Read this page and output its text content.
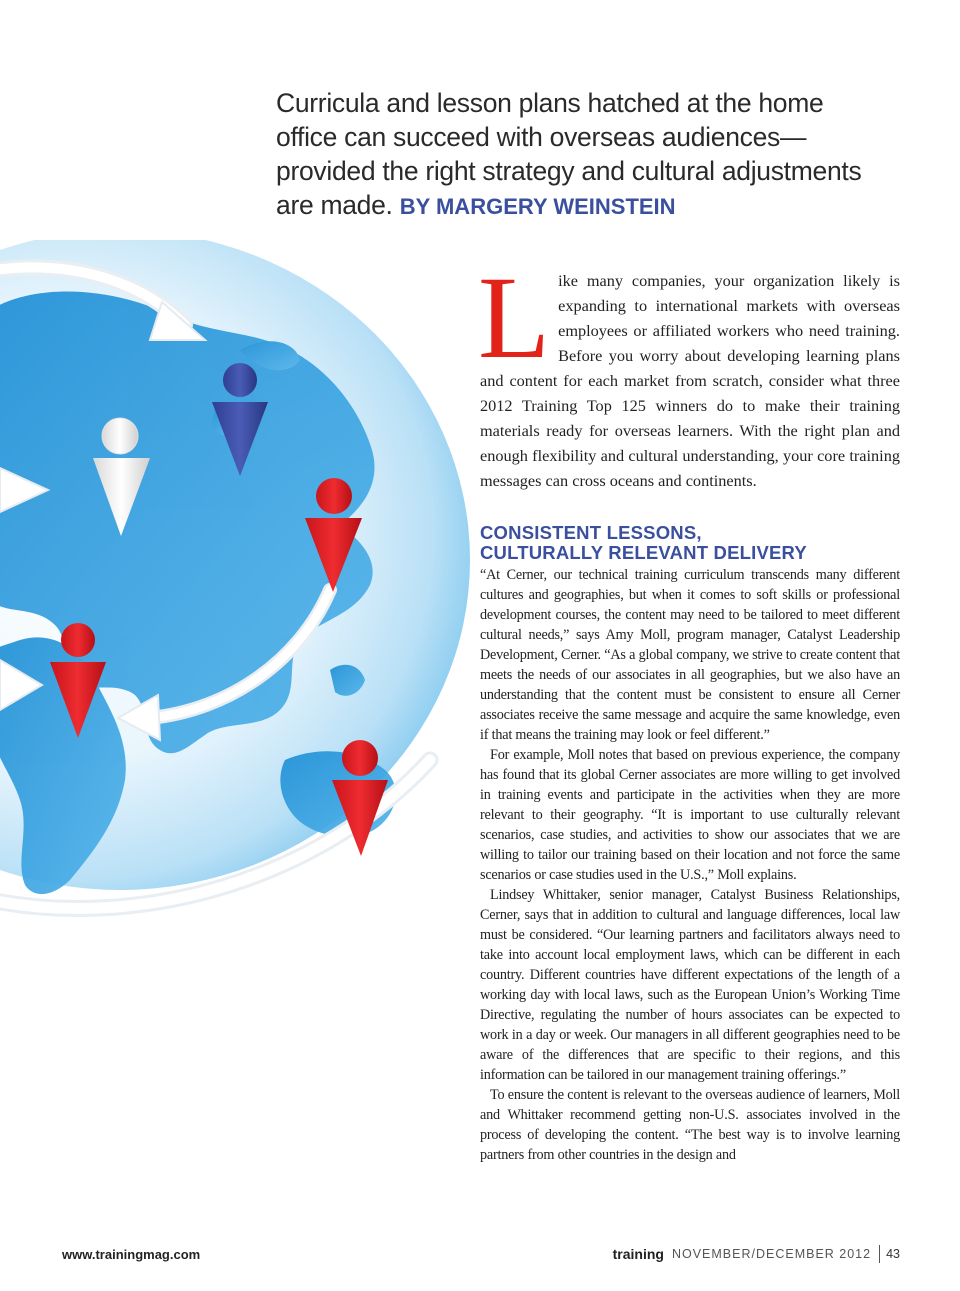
Curricula and lesson plans hatched at the home
office can succeed with overseas audiences—
provided the right strategy and cultural adjustments
are made. BY MARGERY WEINSTEIN
Like many companies, your organization likely is expanding to international markets with overseas employees or affiliated workers who need training. Before you worry about developing learning plans and content for each market from scratch, consider what three 2012 Training Top 125 winners do to make their training materials ready for overseas learners. With the right plan and enough flexibility and cultural understanding, your core training messages can cross oceans and continents.
CONSISTENT LESSONS,
CULTURALLY RELEVANT DELIVERY

“At Cerner, our technical training curriculum transcends many different cultures and geographies, but when it comes to soft skills or professional development courses, the content may need to be tailored to meet different cultural needs,” says Amy Moll, program manager, Catalyst Leadership Development, Cerner. “As a global company, we strive to create content that meets the needs of our associates in all geographies, but we also have an understanding that the content must be consistent to ensure all Cerner associates receive the same message and acquire the same knowledge, even if that means the training may look or feel different.”

For example, Moll notes that based on previous experience, the company has found that its global Cerner associates are more willing to get involved in training events and participate in the activities when they are more relevant to their geography. “It is important to use culturally relevant scenarios, case studies, and activities to show our associates that we are willing to tailor our training based on their location and not force the same scenarios or case studies used in the U.S.,” Moll explains.

Lindsey Whittaker, senior manager, Catalyst Business Relationships, Cerner, says that in addition to cultural and language differences, local law must be considered. “Our learning partners and facilitators always need to take into account local employment laws, which can be different in each country. Different countries have different expectations of the length of a working day with local laws, such as the European Union’s Working Time Directive, regulating the number of hours associates can be expected to work in a day or week. Our managers in all different geographies need to be aware of the differences that are specific to their regions, and this information can be tailored in our management training offerings.”

To ensure the content is relevant to the overseas audience of learners, Moll and Whittaker recommend getting non-U.S. associates involved in the process of developing the content. “The best way is to involve learning partners from other countries in the design and

www.trainingmag.com	training NOVEMBER/DECEMBER 2012 43
